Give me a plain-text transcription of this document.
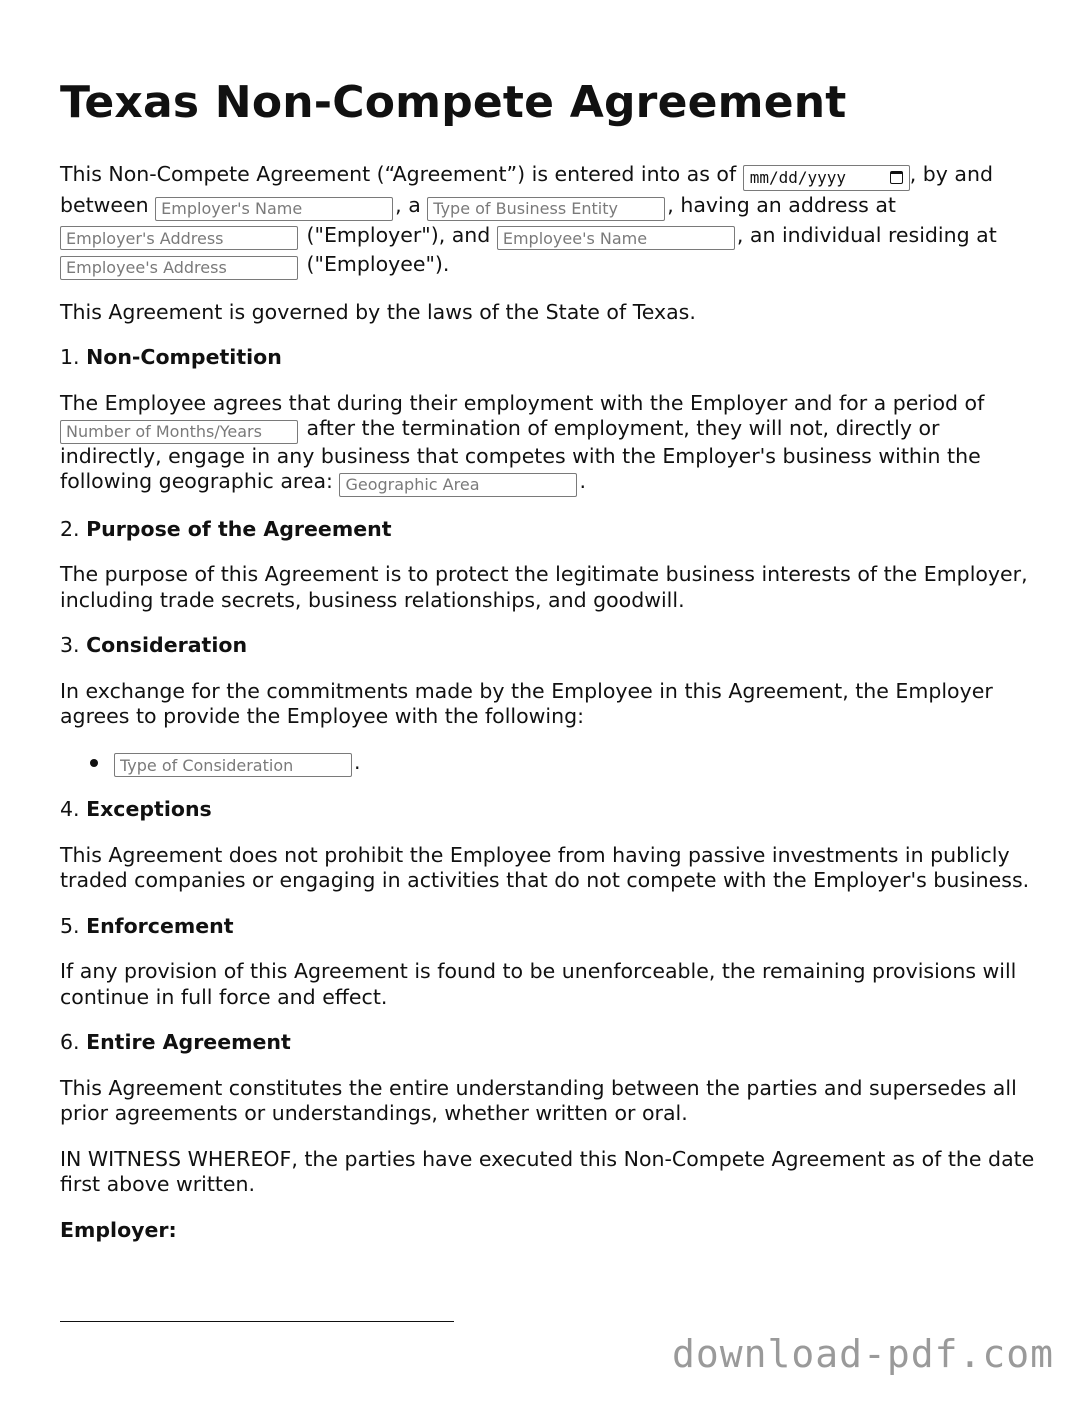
Texas Non-Compete Agreement

This Non-Compete Agreement (“Agreement”) is entered into as of mm/dd/yyyy	, by and between Employer's Name	, a Type of Business Entity	, having an address at Employer's Address ("Employer"), and Employee's Name	, an individual residing at Employee's Address ("Employee").

This Agreement is governed by the laws of the State of Texas.

1. Non-Competition

The Employee agrees that during their employment with the Employer and for a period of Number of Months/Years after the termination of employment, they will not, directly or indirectly, engage in any business that competes with the Employer's business within the following geographic area: Geographic Area	.

2. Purpose of the Agreement

The purpose of this Agreement is to protect the legitimate business interests of the Employer, including trade secrets, business relationships, and goodwill.

3. Consideration

In exchange for the commitments made by the Employee in this Agreement, the Employer agrees to provide the Employee with the following:

Type of Consideration.

4. Exceptions

This Agreement does not prohibit the Employee from having passive investments in publicly traded companies or engaging in activities that do not compete with the Employer's business.

5. Enforcement

If any provision of this Agreement is found to be unenforceable, the remaining provisions will continue in full force and effect.

6. Entire Agreement

This Agreement constitutes the entire understanding between the parties and supersedes all prior agreements or understandings, whether written or oral.

IN WITNESS WHEREOF, the parties have executed this Non-Compete Agreement as of the date first above written.

Employer:

download-pdf.com
